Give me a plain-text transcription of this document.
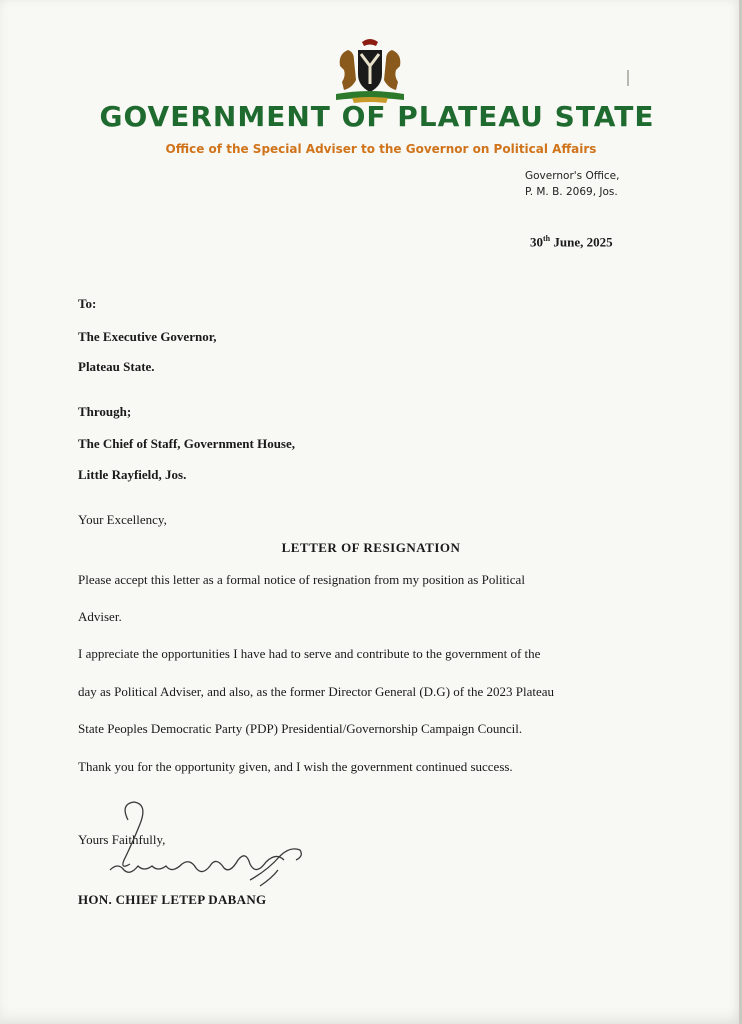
GOVERNMENT OF PLATEAU STATE
Office of the Special Adviser to the Governor on Political Affairs
Governor's Office,
P. M. B. 2069, Jos.
30th June, 2025
To:
The Executive Governor,
Plateau State.
Through;
The Chief of Staff, Government House,
Little Rayfield, Jos.
Your Excellency,
LETTER OF RESIGNATION
Please accept this letter as a formal notice of resignation from my position as Political
Adviser.
I appreciate the opportunities I have had to serve and contribute to the government of the
day as Political Adviser, and also, as the former Director General (D.G) of the 2023 Plateau
State Peoples Democratic Party (PDP) Presidential/Governorship Campaign Council.
Thank you for the opportunity given, and I wish the government continued success.
Yours Faithfully,
HON. CHIEF LETEP DABANG
